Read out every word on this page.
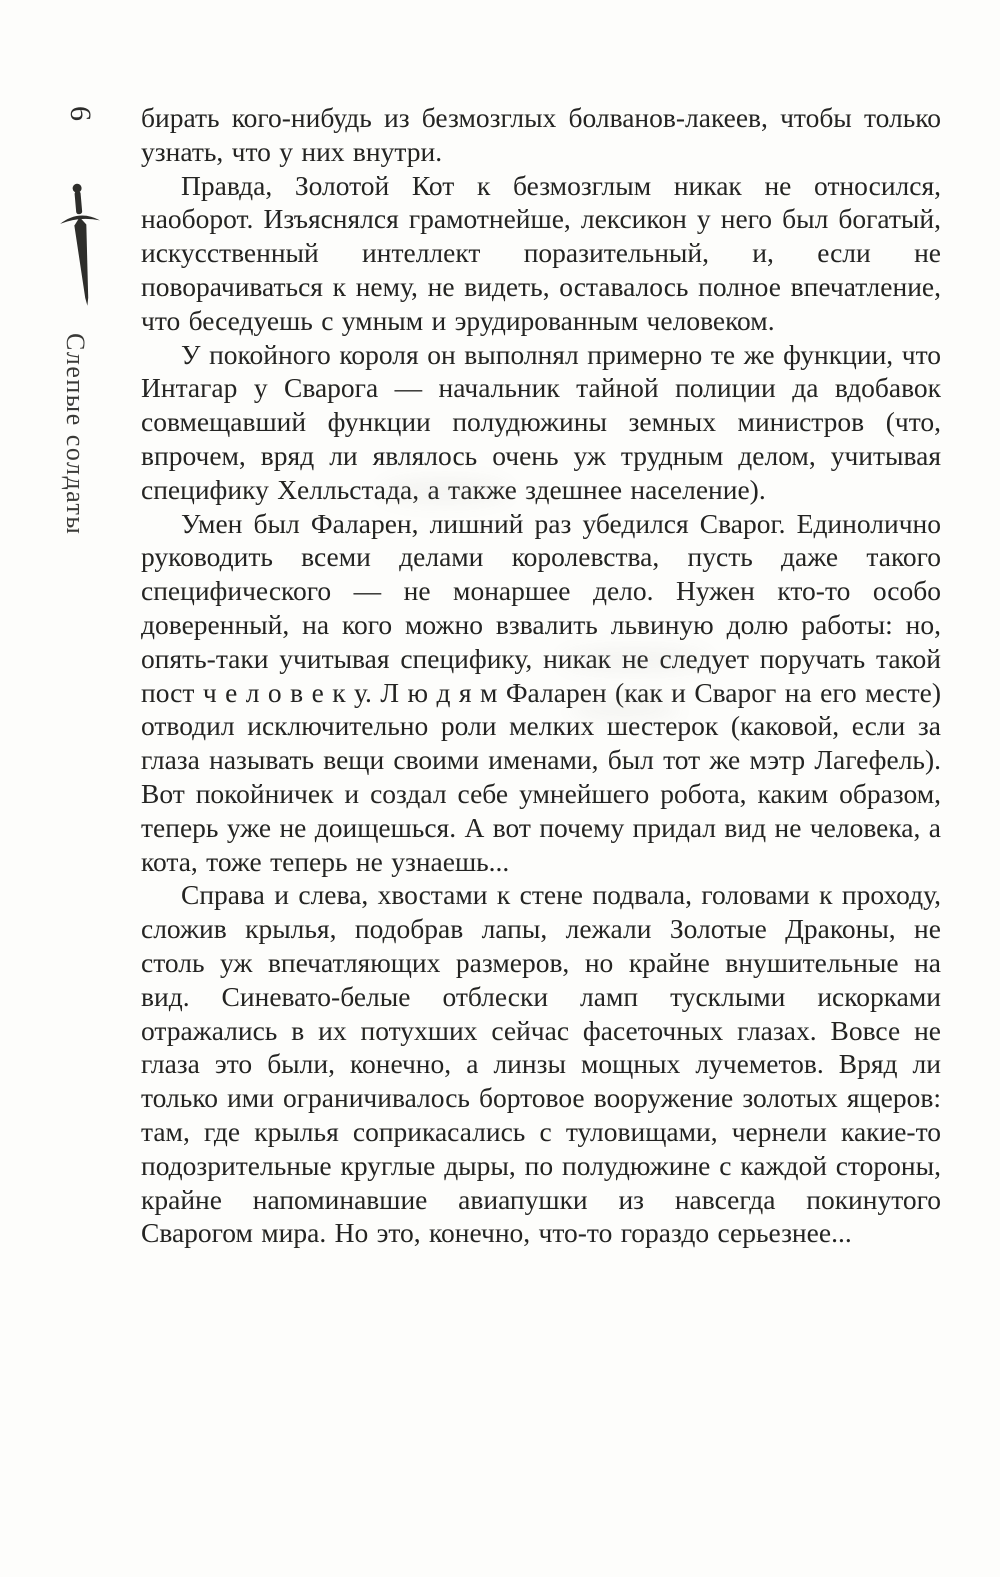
6
Слепые солдаты

бирать кого-нибудь из безмозглых болванов-лакеев, чтобы только узнать, что у них внутри.

Правда, Золотой Кот к безмозглым никак не относился, наоборот. Изъяснялся грамотнейше, лексикон у него был богатый, искусственный интеллект поразительный, и, если не поворачиваться к нему, не видеть, оставалось полное впечатление, что беседуешь с умным и эрудированным человеком.

У покойного короля он выполнял примерно те же функции, что Интагар у Сварога — начальник тайной полиции да вдобавок совмещавший функции полудюжины земных министров (что, впрочем, вряд ли являлось очень уж трудным делом, учитывая специфику Хелльстада, а также здешнее население).

Умен был Фаларен, лишний раз убедился Сварог. Единолично руководить всеми делами королевства, пусть даже такого специфического — не монаршее дело. Нужен кто-то особо доверенный, на кого можно взвалить львиную долю работы: но, опять-таки учитывая специфику, никак не следует поручать такой пост ч е л о в е к у. Л ю д я м Фаларен (как и Сварог на его месте) отводил исключительно роли мелких шестерок (каковой, если за глаза называть вещи своими именами, был тот же мэтр Лагефель). Вот покойничек и создал себе умнейшего робота, каким образом, теперь уже не доищешься. А вот почему придал вид не человека, а кота, тоже теперь не узнаешь...

Справа и слева, хвостами к стене подвала, головами к проходу, сложив крылья, подобрав лапы, лежали Золотые Драконы, не столь уж впечатляющих размеров, но крайне внушительные на вид. Синевато-белые отблески ламп тусклыми искорками отражались в их потухших сейчас фасеточных глазах. Вовсе не глаза это были, конечно, а линзы мощных лучеметов. Вряд ли только ими ограничивалось бортовое вооружение золотых ящеров: там, где крылья соприкасались с туловищами, чернели какие-то подозрительные круглые дыры, по полудюжине с каждой стороны, крайне напоминавшие авиапушки из навсегда покинутого Сварогом мира. Но это, конечно, что-то гораздо серьезнее...
